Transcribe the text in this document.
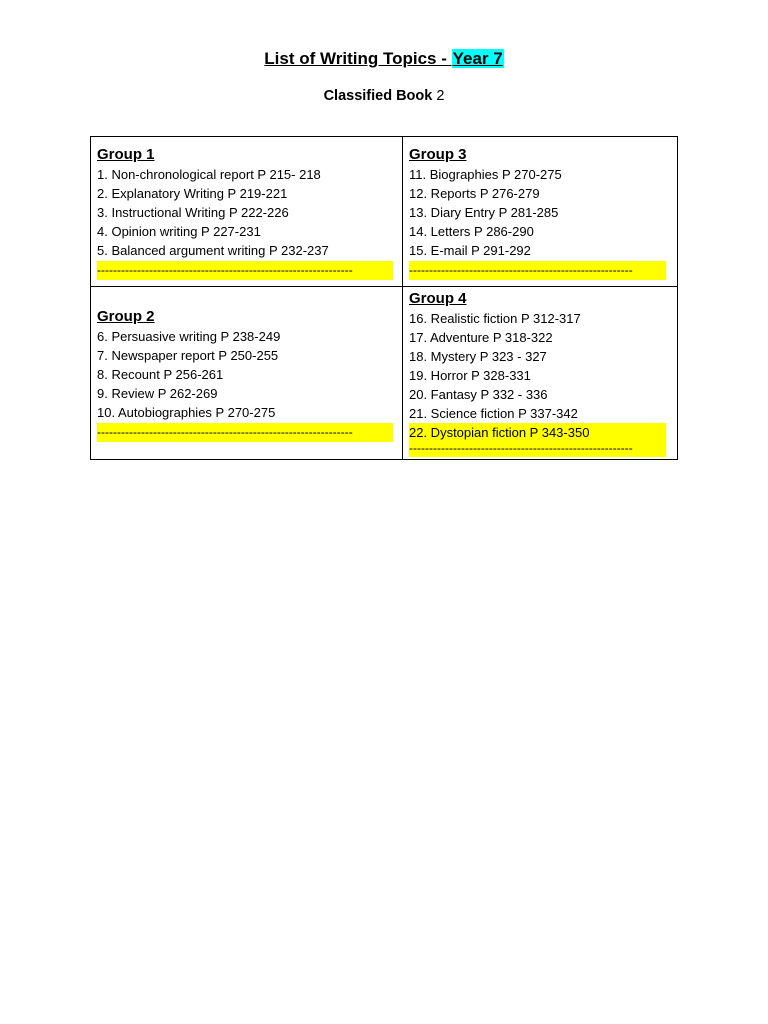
List of Writing Topics - Year 7
Classified Book 2
Group 1
1. Non-chronological report P 215- 218
2. Explanatory Writing P 219-221
3. Instructional Writing P 222-226
4. Opinion writing P 227-231
5. Balanced argument writing P 232-237
----------------------------------------------------------------
Group 3
11. Biographies P 270-275
12. Reports P 276-279
13. Diary Entry P 281-285
14. Letters P 286-290
15. E-mail P 291-292
--------------------------------------------------------
Group 2
6. Persuasive writing P 238-249
7. Newspaper report P 250-255
8. Recount P 256-261
9. Review P 262-269
10. Autobiographies P 270-275
----------------------------------------------------------------
Group 4
16. Realistic fiction P 312-317
17. Adventure P 318-322
18. Mystery P 323 - 327
19. Horror P 328-331
20. Fantasy P 332 - 336
21. Science fiction P 337-342
22. Dystopian fiction P 343-350
--------------------------------------------------------
